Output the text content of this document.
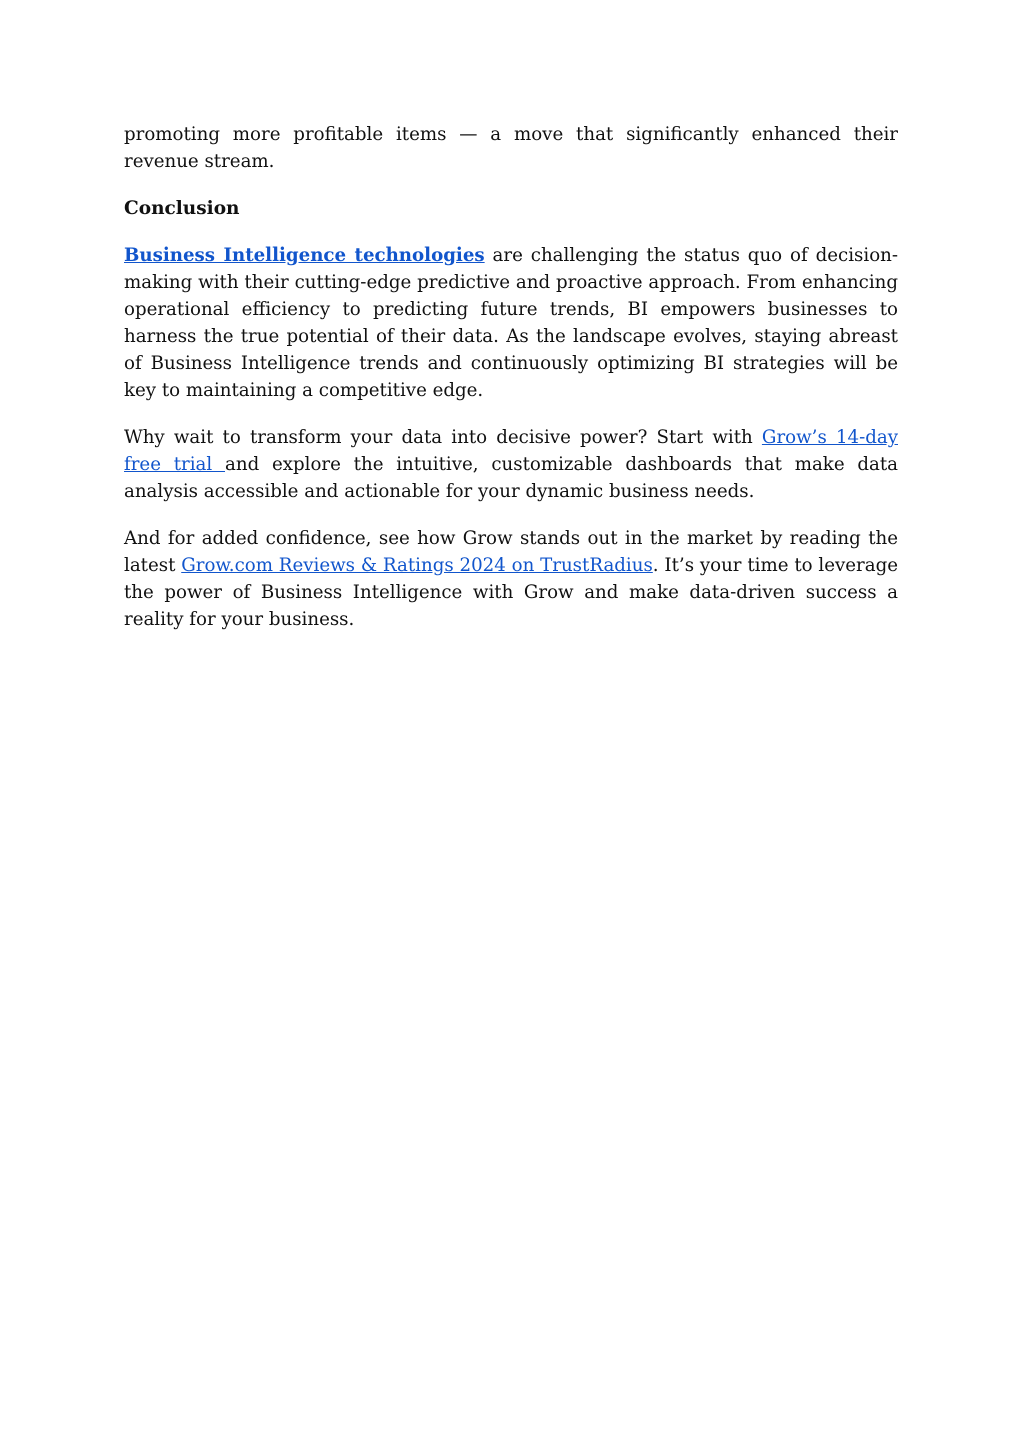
promoting more profitable items — a move that significantly enhanced their revenue stream.

Conclusion

Business Intelligence technologies are challenging the status quo of decision-making with their cutting-edge predictive and proactive approach. From enhancing operational efficiency to predicting future trends, BI empowers businesses to harness the true potential of their data. As the landscape evolves, staying abreast of Business Intelligence trends and continuously optimizing BI strategies will be key to maintaining a competitive edge.

Why wait to transform your data into decisive power? Start with Grow’s 14-day free trial and explore the intuitive, customizable dashboards that make data analysis accessible and actionable for your dynamic business needs.

And for added confidence, see how Grow stands out in the market by reading the latest Grow.com Reviews & Ratings 2024 on TrustRadius. It’s your time to leverage the power of Business Intelligence with Grow and make data-driven success a reality for your business.
